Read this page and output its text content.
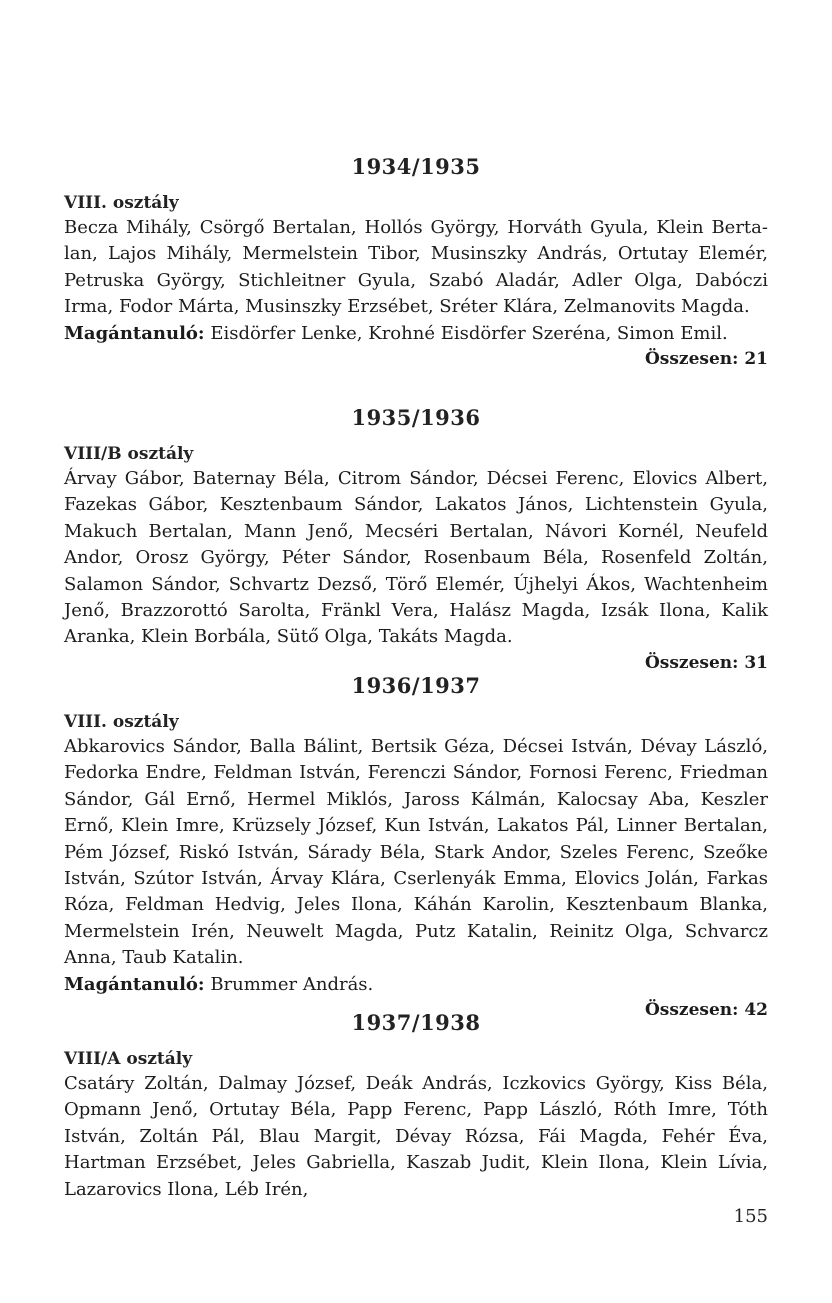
1934/1935
VIII. osztály

Becza Mihály, Csörgő Bertalan, Hollós György, Horváth Gyula, Klein Bertalan, Lajos Mihály, Mermelstein Tibor, Musinszky András, Ortutay Elemér, Petruska György, Stichleitner Gyula, Szabó Aladár, Adler Olga, Dabóczi Irma, Fodor Márta, Musinszky Erzsébet, Sréter Klára, Zelmanovits Magda.

Magántanuló: Eisdörfer Lenke, Krohné Eisdörfer Szeréna, Simon Emil.

Összesen: 21
1935/1936
VIII/B osztály

Árvay Gábor, Baternay Béla, Citrom Sándor, Décsei Ferenc, Elovics Albert, Fazekas Gábor, Kesztenbaum Sándor, Lakatos János, Lichtenstein Gyula, Makuch Bertalan, Mann Jenő, Mecséri Bertalan, Návori Kornél, Neufeld Andor, Orosz György, Péter Sándor, Rosenbaum Béla, Rosenfeld Zoltán, Salamon Sándor, Schvartz Dezső, Törő Elemér, Újhelyi Ákos, Wachtenheim Jenő, Brazzorottó Sarolta, Fränkl Vera, Halász Magda, Izsák Ilona, Kalik Aranka, Klein Borbála, Sütő Olga, Takáts Magda.

Összesen: 31
1936/1937
VIII. osztály

Abkarovics Sándor, Balla Bálint, Bertsik Géza, Décsei István, Dévay László, Fedorka Endre, Feldman István, Ferenczi Sándor, Fornosi Ferenc, Friedman Sándor, Gál Ernő, Hermel Miklós, Jaross Kálmán, Kalocsay Aba, Keszler Ernő, Klein Imre, Krüzsely József, Kun István, Lakatos Pál, Linner Bertalan, Pém József, Riskó István, Sárady Béla, Stark Andor, Szeles Ferenc, Szeőke István, Szútor István, Árvay Klára, Cserlenyák Emma, Elovics Jolán, Farkas Róza, Feldman Hedvig, Jeles Ilona, Káhán Karolin, Kesztenbaum Blanka, Mermelstein Irén, Neuwelt Magda, Putz Katalin, Reinitz Olga, Schvarcz Anna, Taub Katalin.

Magántanuló: Brummer András.

Összesen: 42
1937/1938
VIII/A osztály

Csatáry Zoltán, Dalmay József, Deák András, Iczkovics György, Kiss Béla, Opmann Jenő, Ortutay Béla, Papp Ferenc, Papp László, Róth Imre, Tóth István, Zoltán Pál, Blau Margit, Dévay Rózsa, Fái Magda, Fehér Éva, Hartman Erzsébet, Jeles Gabriella, Kaszab Judit, Klein Ilona, Klein Lívia, Lazarovics Ilona, Léb Irén,

155
